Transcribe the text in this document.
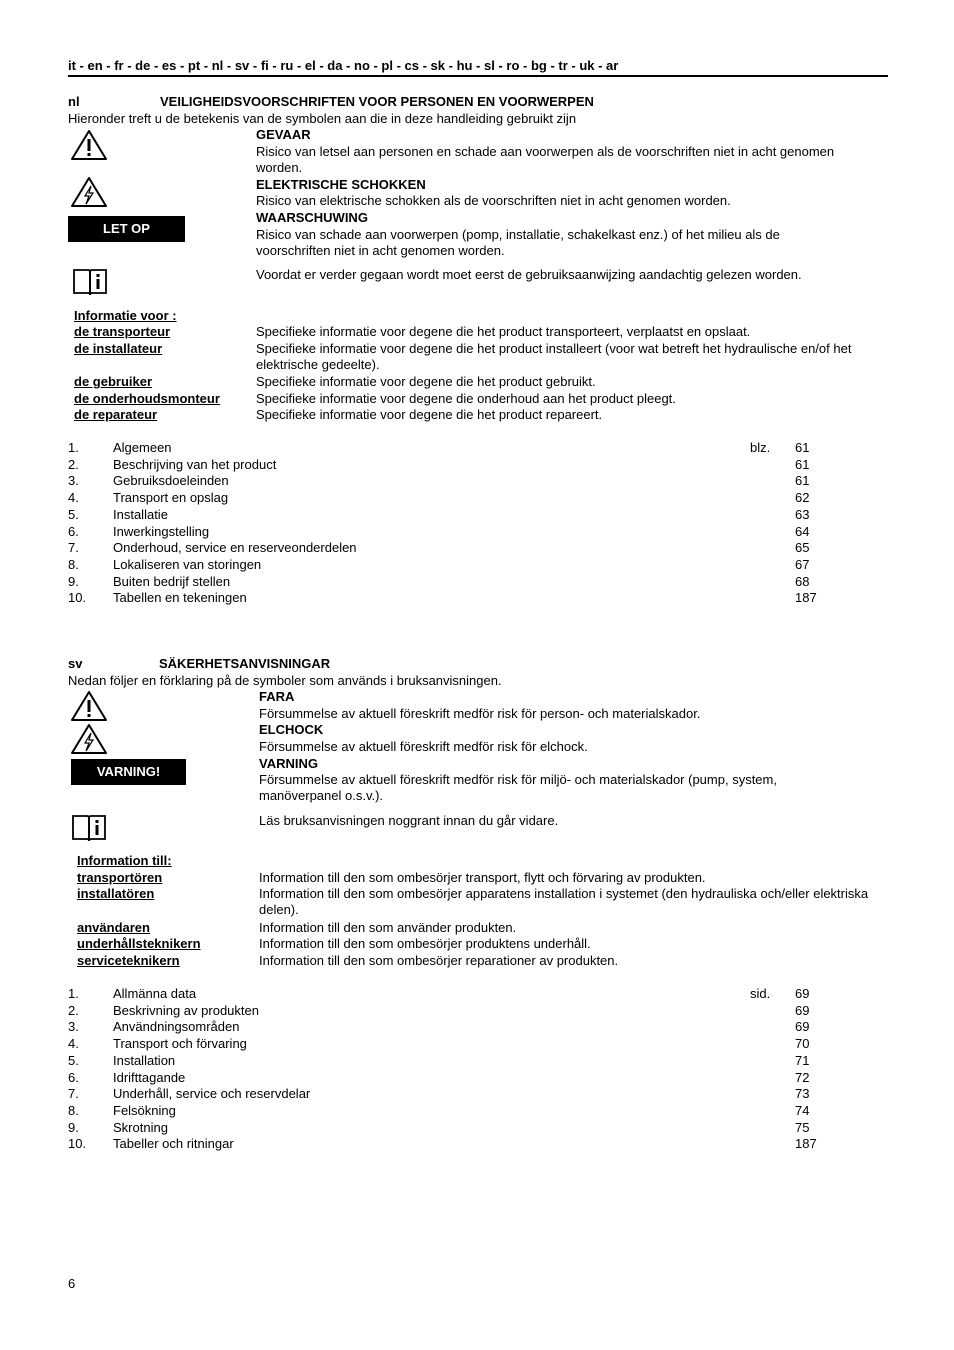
it - en - fr - de - es - pt - nl - sv - fi - ru - el - da - no - pl - cs - sk - hu - sl - ro - bg - tr - uk - ar
nl	VEILIGHEIDSVOORSCHRIFTEN VOOR PERSONEN EN VOORWERPEN
Hieronder treft u de betekenis van de symbolen aan die in deze handleiding gebruikt zijn
LET OP
GEVAAR
Risico van letsel aan personen en schade aan voorwerpen als de voorschriften niet in acht genomen worden.
ELEKTRISCHE SCHOKKEN
Risico van elektrische schokken als de voorschriften niet in acht genomen worden.
WAARSCHUWING
Risico van schade aan voorwerpen (pomp, installatie, schakelkast enz.) of het milieu als de voorschriften niet in acht genomen worden.
Voordat er verder gegaan wordt moet eerst de gebruiksaanwijzing aandachtig gelezen worden.
Informatie voor :
de transporteur	Specifieke informatie voor degene die het product transporteert, verplaatst en opslaat.
de installateur	Specifieke informatie voor degene die het product installeert (voor wat betreft het hydraulische en/of het elektrische gedeelte).
de gebruiker	Specifieke informatie voor degene die het product gebruikt.
de onderhoudsmonteur	Specifieke informatie voor degene die onderhoud aan het product pleegt.
de reparateur	Specifieke informatie voor degene die het product repareert.
blz.
1.	Algemeen	61
2.	Beschrijving van het product	61
3.	Gebruiksdoeleinden	61
4.	Transport en opslag	62
5.	Installatie	63
6.	Inwerkingstelling	64
7.	Onderhoud, service en reserveonderdelen	65
8.	Lokaliseren van storingen	67
9.	Buiten bedrijf stellen	68
10. Tabellen en tekeningen	187
sv	SÄKERHETSANVISNINGAR
Nedan följer en förklaring på de symboler som används i bruksanvisningen.
VARNING!
FARA
Försummelse av aktuell föreskrift medför risk för person- och materialskador.
ELCHOCK
Försummelse av aktuell föreskrift medför risk för elchock.
VARNING
Försummelse av aktuell föreskrift medför risk för miljö- och materialskador (pump, system, manöverpanel o.s.v.).
Läs bruksanvisningen noggrant innan du går vidare.
Information till:
transportören	Information till den som ombesörjer transport, flytt och förvaring av produkten.
installatören	Information till den som ombesörjer apparatens installation i systemet (den hydrauliska och/eller elektriska delen).
användaren	Information till den som använder produkten.
underhållsteknikern	Information till den som ombesörjer produktens underhåll.
serviceteknikern	Information till den som ombesörjer reparationer av produkten.
sid.
1.	Allmänna data	69
2.	Beskrivning av produkten	69
3.	Användningsområden	69
4.	Transport och förvaring	70
5.	Installation	71
6.	Idrifttagande	72
7.	Underhåll, service och reservdelar	73
8.	Felsökning	74
9.	Skrotning	75
10. Tabeller och ritningar	187
6
